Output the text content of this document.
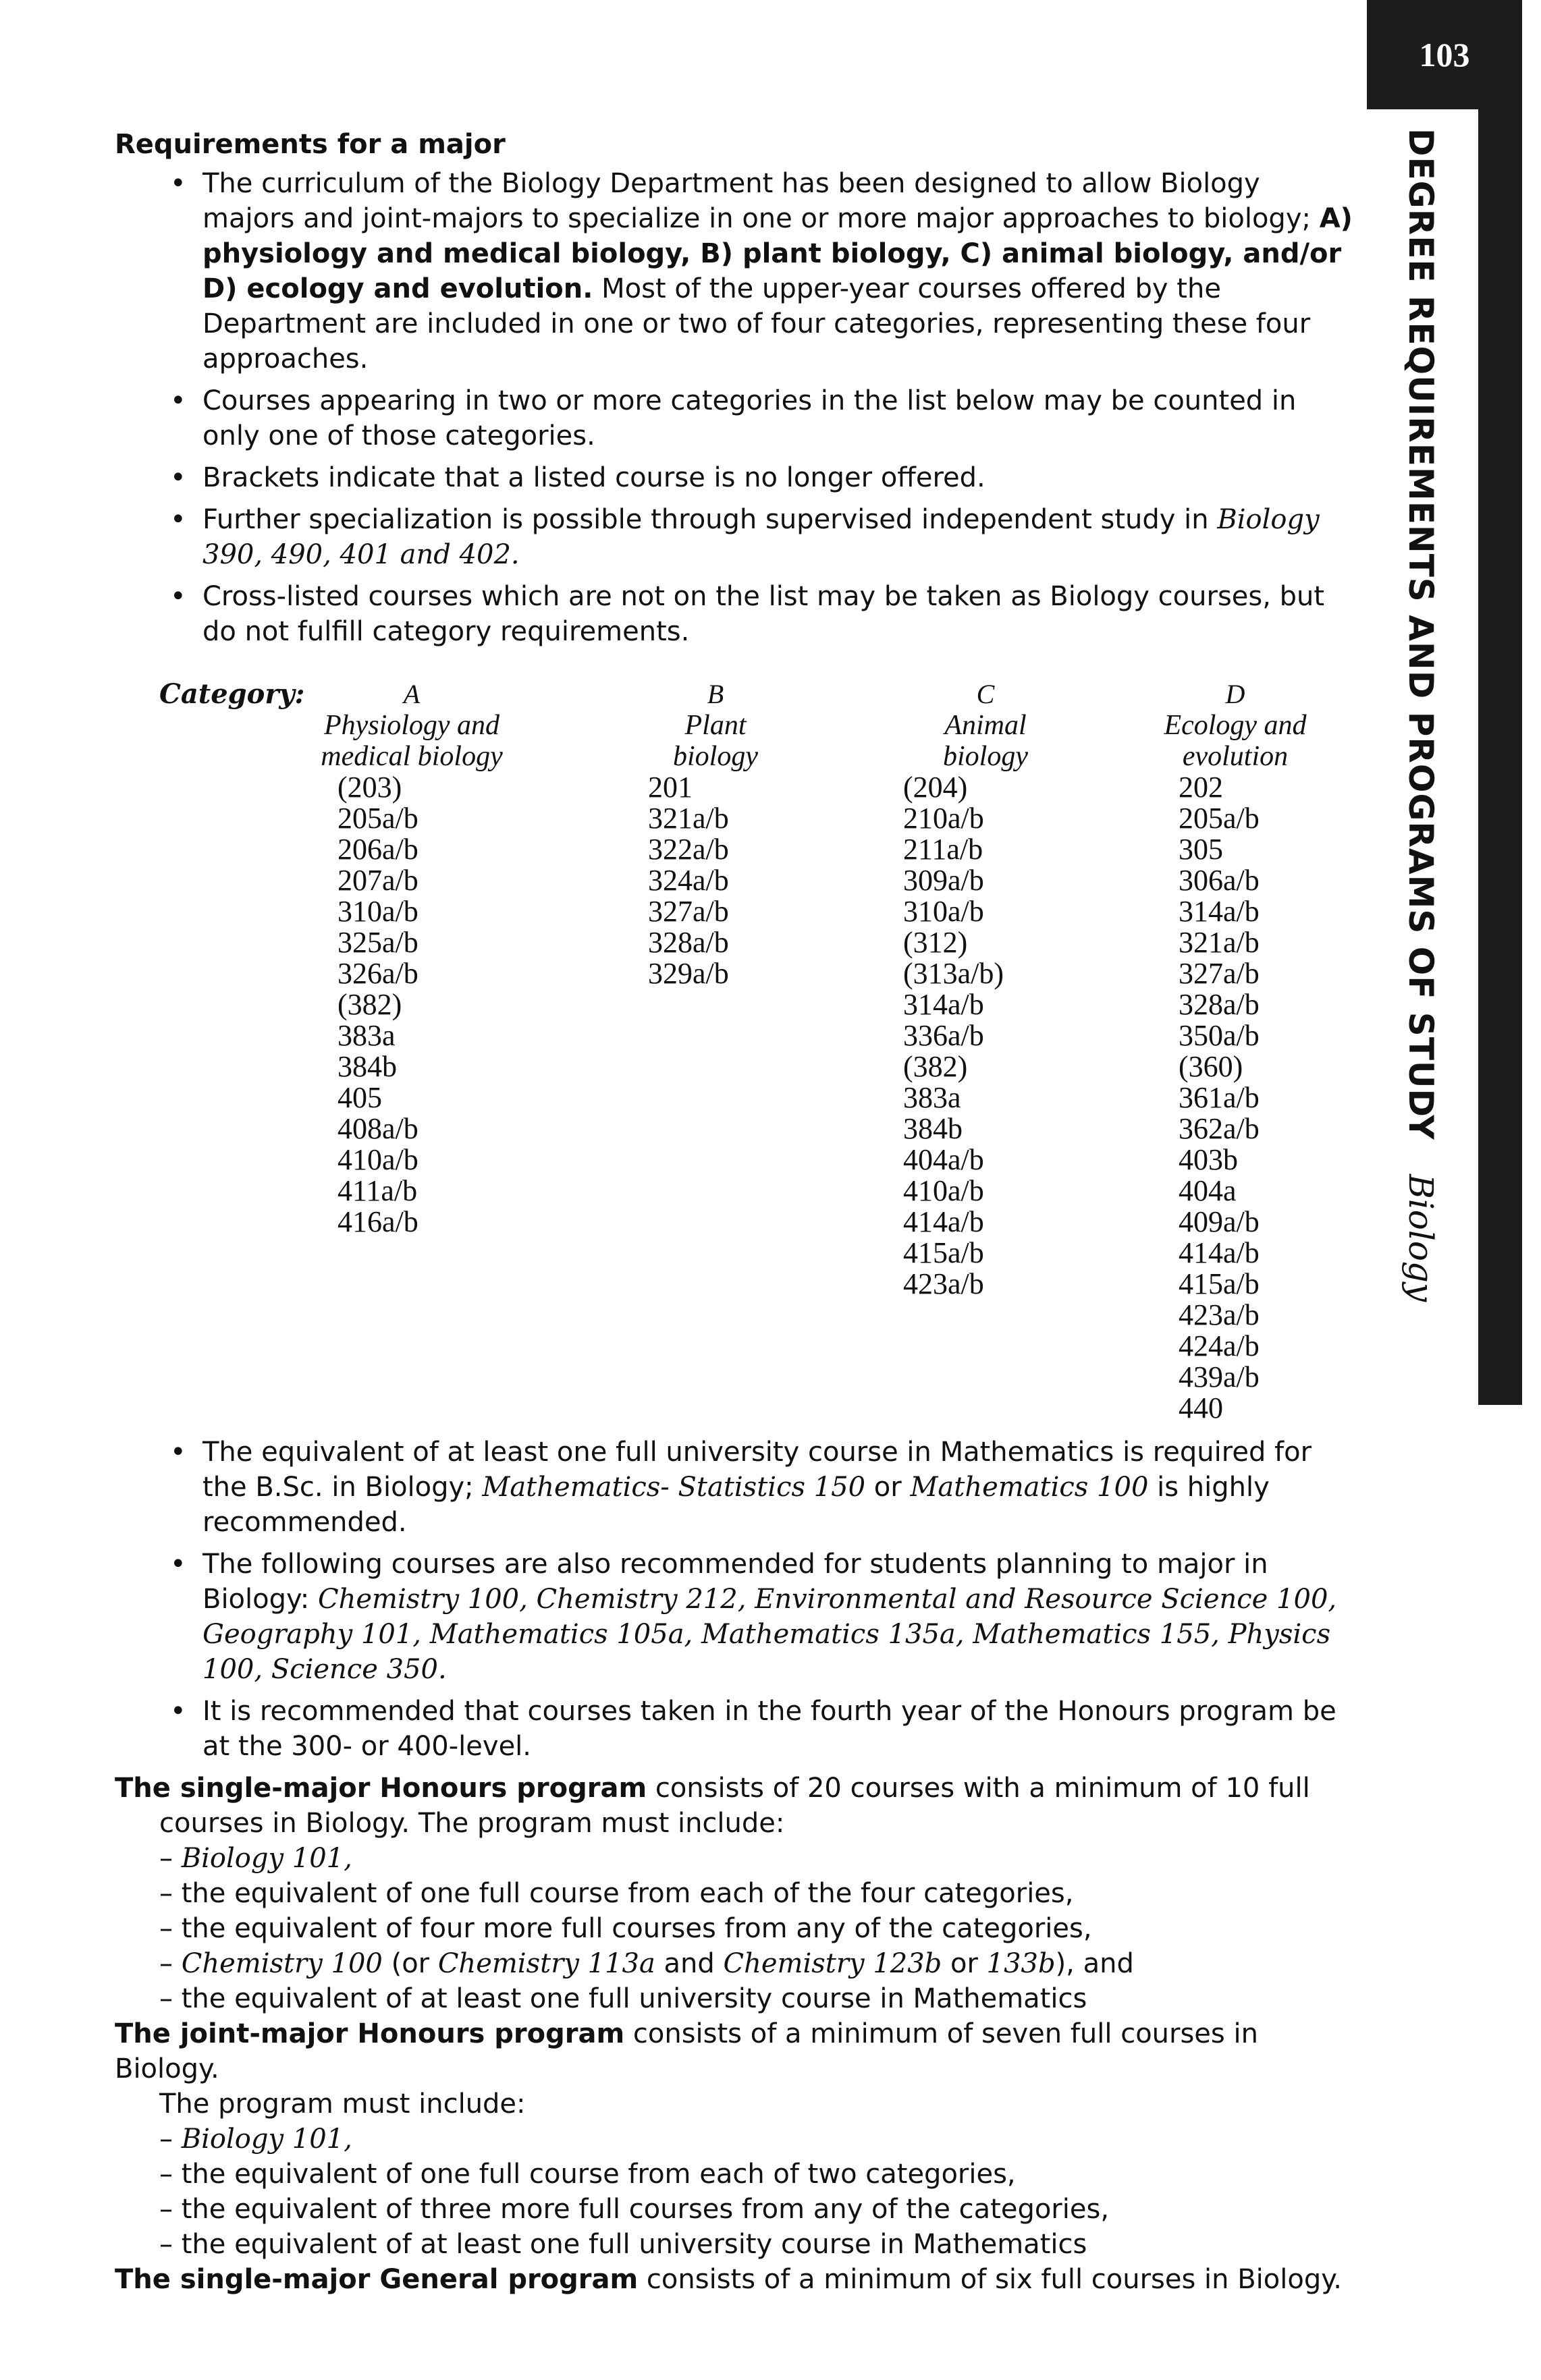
103
DEGREE REQUIREMENTS AND PROGRAMS OF STUDY Biology
Requirements for a major
• The curriculum of the Biology Department has been designed to allow Biology majors and joint-majors to specialize in one or more major approaches to biology; A) physiology and medical biology, B) plant biology, C) animal biology, and/or D) ecology and evolution. Most of the upper-year courses offered by the Department are included in one or two of four categories, representing these four approaches.
• Courses appearing in two or more categories in the list below may be counted in only one of those categories.
• Brackets indicate that a listed course is no longer offered.
• Further specialization is possible through supervised independent study in Biology 390, 490, 401 and 402.
• Cross-listed courses which are not on the list may be taken as Biology courses, but do not fulfill category requirements.
Category:	A
Physiology and
medical biology
(203)
205a/b
206a/b
207a/b
310a/b
325a/b
326a/b
(382)
383a
384b
405
408a/b
410a/b
411a/b
416a/b
B
Plant
biology
201
321a/b
322a/b
324a/b
327a/b
328a/b
329a/b
C
Animal
biology
(204)
210a/b
211a/b
309a/b
310a/b
(312)
(313a/b)
314a/b
336a/b
(382)
383a
384b
404a/b
410a/b
414a/b
415a/b
423a/b
D
Ecology and
evolution
202
205a/b
305
306a/b
314a/b
321a/b
327a/b
328a/b
350a/b
(360)
361a/b
362a/b
403b
404a
409a/b
414a/b
415a/b
423a/b
424a/b
439a/b
440
• The equivalent of at least one full university course in Mathematics is required for the B.Sc. in Biology; Mathematics- Statistics 150 or Mathematics 100 is highly recommended.
• The following courses are also recommended for students planning to major in Biology: Chemistry 100, Chemistry 212, Environmental and Resource Science 100, Geography 101, Mathematics 105a, Mathematics 135a, Mathematics 155, Physics 100, Science 350.
• It is recommended that courses taken in the fourth year of the Honours program be at the 300- or 400-level.

The single-major Honours program consists of 20 courses with a minimum of 10 full

courses in Biology. The program must include:

– Biology 101,

– the equivalent of one full course from each of the four categories,

– the equivalent of four more full courses from any of the categories,

– Chemistry 100 (or Chemistry 113a and Chemistry 123b or 133b), and

– the equivalent of at least one full university course in Mathematics

The joint-major Honours program consists of a minimum of seven full courses in Biology.

The program must include:

– Biology 101,

– the equivalent of one full course from each of two categories,

– the equivalent of three more full courses from any of the categories,

– the equivalent of at least one full university course in Mathematics

The single-major General program consists of a minimum of six full courses in Biology.
